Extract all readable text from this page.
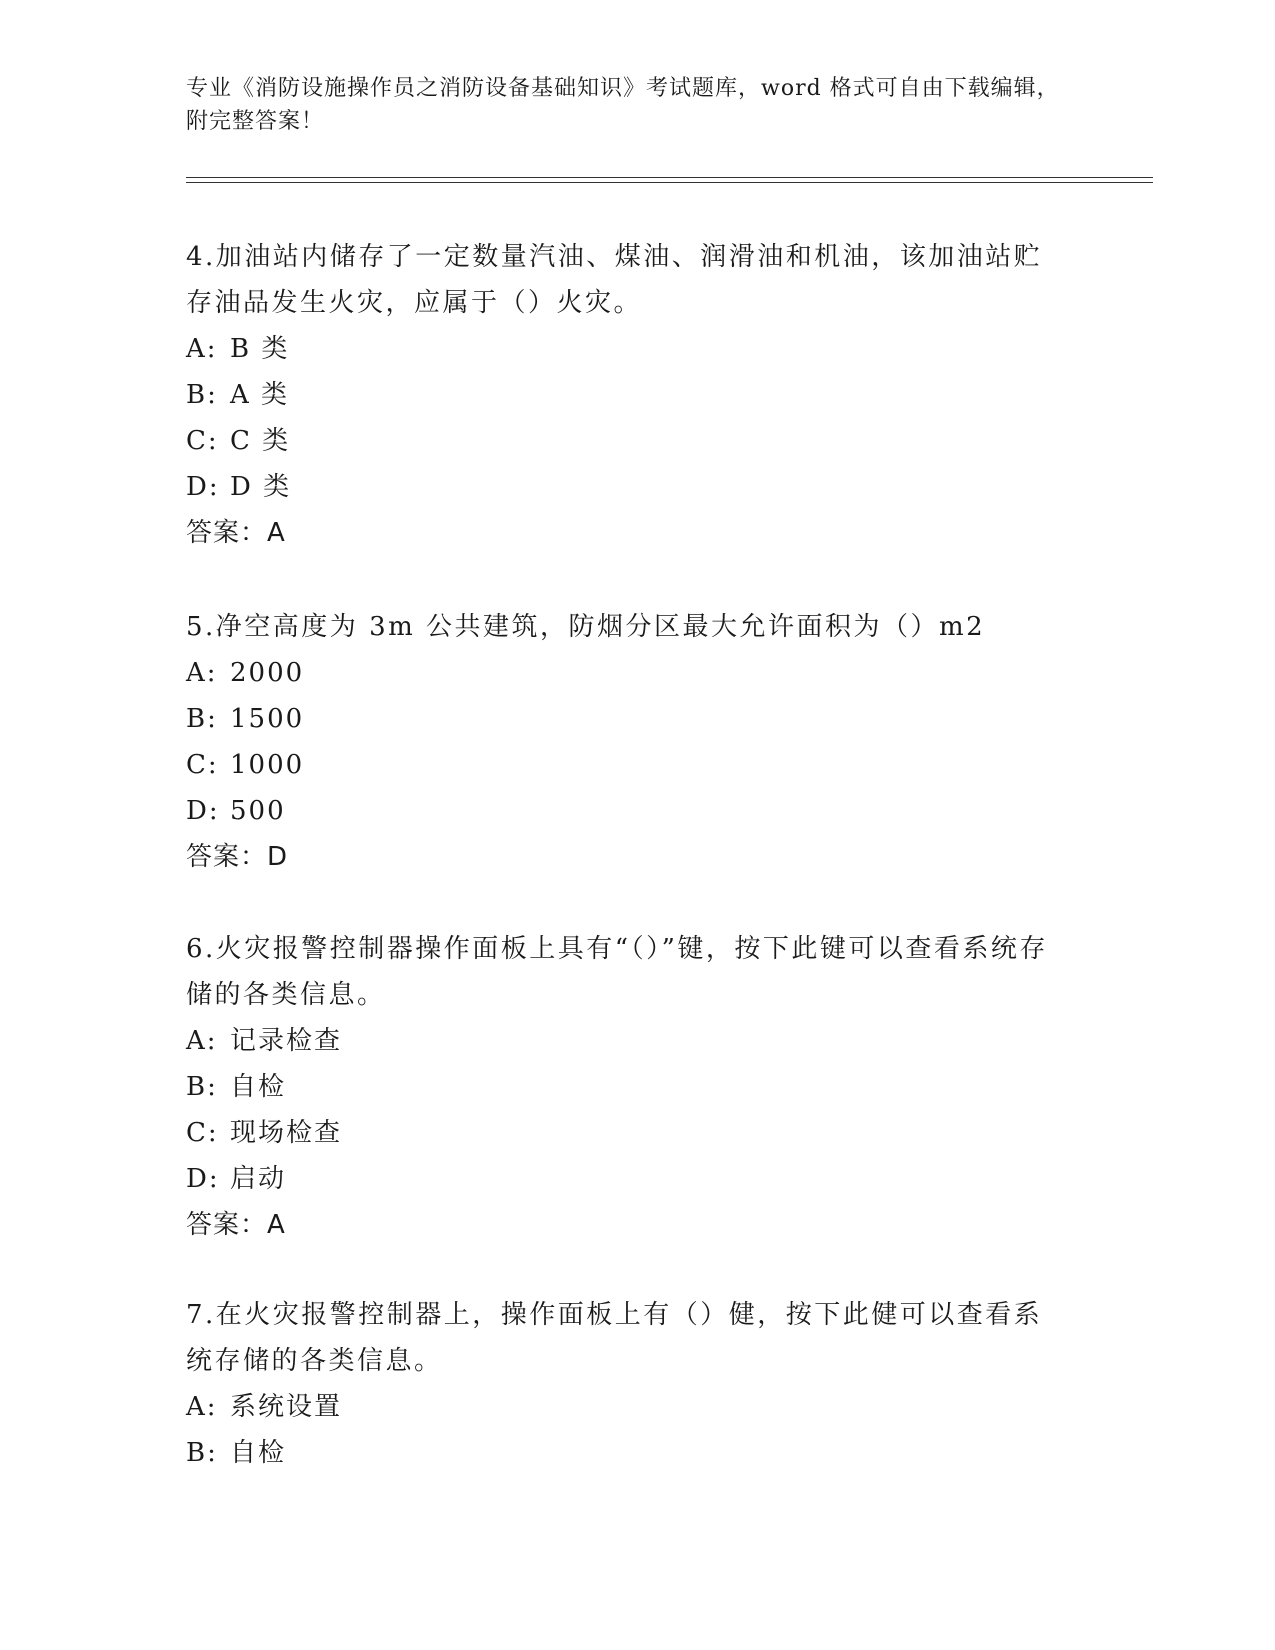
专业《消防设施操作员之消防设备基础知识》考试题库，word 格式可自由下载编辑，附完整答案！

4.加油站内储存了一定数量汽油、煤油、润滑油和机油，该加油站贮存油品发生火灾，应属于（）火灾。

A: B 类

B: A 类

C: C 类

D: D 类

答案：A

5.净空高度为 3m 公共建筑，防烟分区最大允许面积为（）m2

A: 2000

B: 1500

C: 1000

D: 500

答案：D

6.火灾报警控制器操作面板上具有“（）”键，按下此键可以查看系统存储的各类信息。

A: 记录检查

B: 自检

C: 现场检查

D: 启动

答案：A

7.在火灾报警控制器上，操作面板上有（）健，按下此健可以查看系统存储的各类信息。

A: 系统设置

B: 自检
